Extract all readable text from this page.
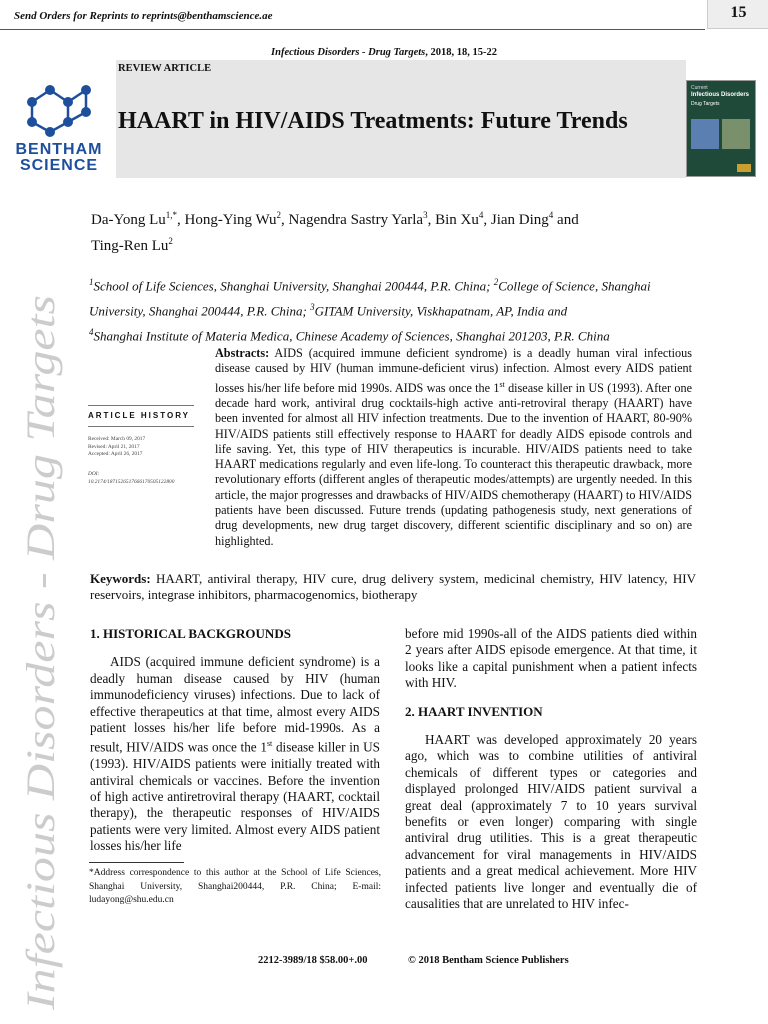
Send Orders for Reprints to reprints@benthamscience.ae	15
Infectious Disorders - Drug Targets, 2018, 18, 15-22
BENTHAM
SCIENCE
REVIEW ARTICLE
HAART in HIV/AIDS Treatments: Future Trends
Current
Infectious Disorders
Drug Targets
Da-Yong $Lu^{1,*}$, Hong-Ying Wu$^2$, Nagendra Sastry Yarla$^3$, Bin Xu$^4$, Jian Ding$^4$ and
Ting-Ren Lu$^2$
$^1$School of Life Sciences, Shanghai University, Shanghai 200444, P.R. China; $^2$College of Science, Shanghai University, Shanghai 200444, P.R. China; $^3$GITAM University, Viskhapatnam, AP, India and
$^4$Shanghai Institute of Materia Medica, Chinese Academy of Sciences, Shanghai 201203, P.R. China
Infectious Disorders - Drug Targets
ARTICLE HISTORY
Received: March 09, 2017
Revised: April 21, 2017
Accepted: April 26, 2017
DOI:
10.2174/1871526517666170505122800
Abstracts: AIDS (acquired immune deficient syndrome) is a deadly human viral infectious disease caused by HIV (human immune-deficient virus) infection. Almost every AIDS patient losses his/her life before mid 1990s. AIDS was once the 1st disease killer in US (1993). After one decade hard work, antiviral drug cocktails-high active anti-retroviral therapy (HAART) have been invented for almost all HIV infection treatments. Due to the invention of HAART, 80-90% HIV/AIDS patients still effectively response to HAART for deadly AIDS episode controls and life saving. Yet, this type of HIV therapeutics is incurable. HIV/AIDS patients need to take HAART medications regularly and even life-long. To counteract this therapeutic drawback, more revolutionary efforts (different angles of therapeutic modes/attempts) are urgently needed. In this article, the major progresses and drawbacks of HIV/AIDS chemotherapy (HAART) to HIV/AIDS patients have been discussed. Future trends (updating pathogenesis study, next generations of drug developments, new drug target discovery, different scientific disciplinary and so on) are highlighted.
Keywords: HAART, antiviral therapy, HIV cure, drug delivery system, medicinal chemistry, HIV latency, HIV reservoirs, integrase inhibitors, pharmacogenomics, biotherapy
1. HISTORICAL BACKGROUNDS

AIDS (acquired immune deficient syndrome) is a deadly human disease caused by HIV (human immunodeficiency viruses) infections. Due to lack of effective therapeutics at that time, almost every AIDS patient losses his/her life before mid-1990s. As a result, HIV/AIDS was once the 1st disease killer in US (1993). HIV/AIDS patients were initially treated with antiviral chemicals or vaccines. Before the invention of high active antiretroviral therapy (HAART, cocktail therapy), the therapeutic responses of HIV/AIDS patients were very limited. Almost every AIDS patient losses his/her life

before mid 1990s-all of the AIDS patients died within 2 years after AIDS episode emergence. At that time, it looks like a capital punishment when a patient infects with HIV.

2. HAART INVENTION

HAART was developed approximately 20 years ago, which was to combine utilities of antiviral chemicals of different types or categories and displayed prolonged HIV/AIDS patient survival a great deal (approximately 7 to 10 years survival benefits or even longer) comparing with single antiviral drug utilities. This is a great therapeutic advancement for viral managements in HIV/AIDS patients and a great medical achievement. More HIV infected patients live longer and eventually die of causalities that are unrelated to HIV infec-

*Address correspondence to this author at the School of Life Sciences, Shanghai University, Shanghai200444, P.R. China; E-mail: ludayong@shu.edu.cn
2212-3989/18 $58.00+.00	© 2018 Bentham Science Publishers
